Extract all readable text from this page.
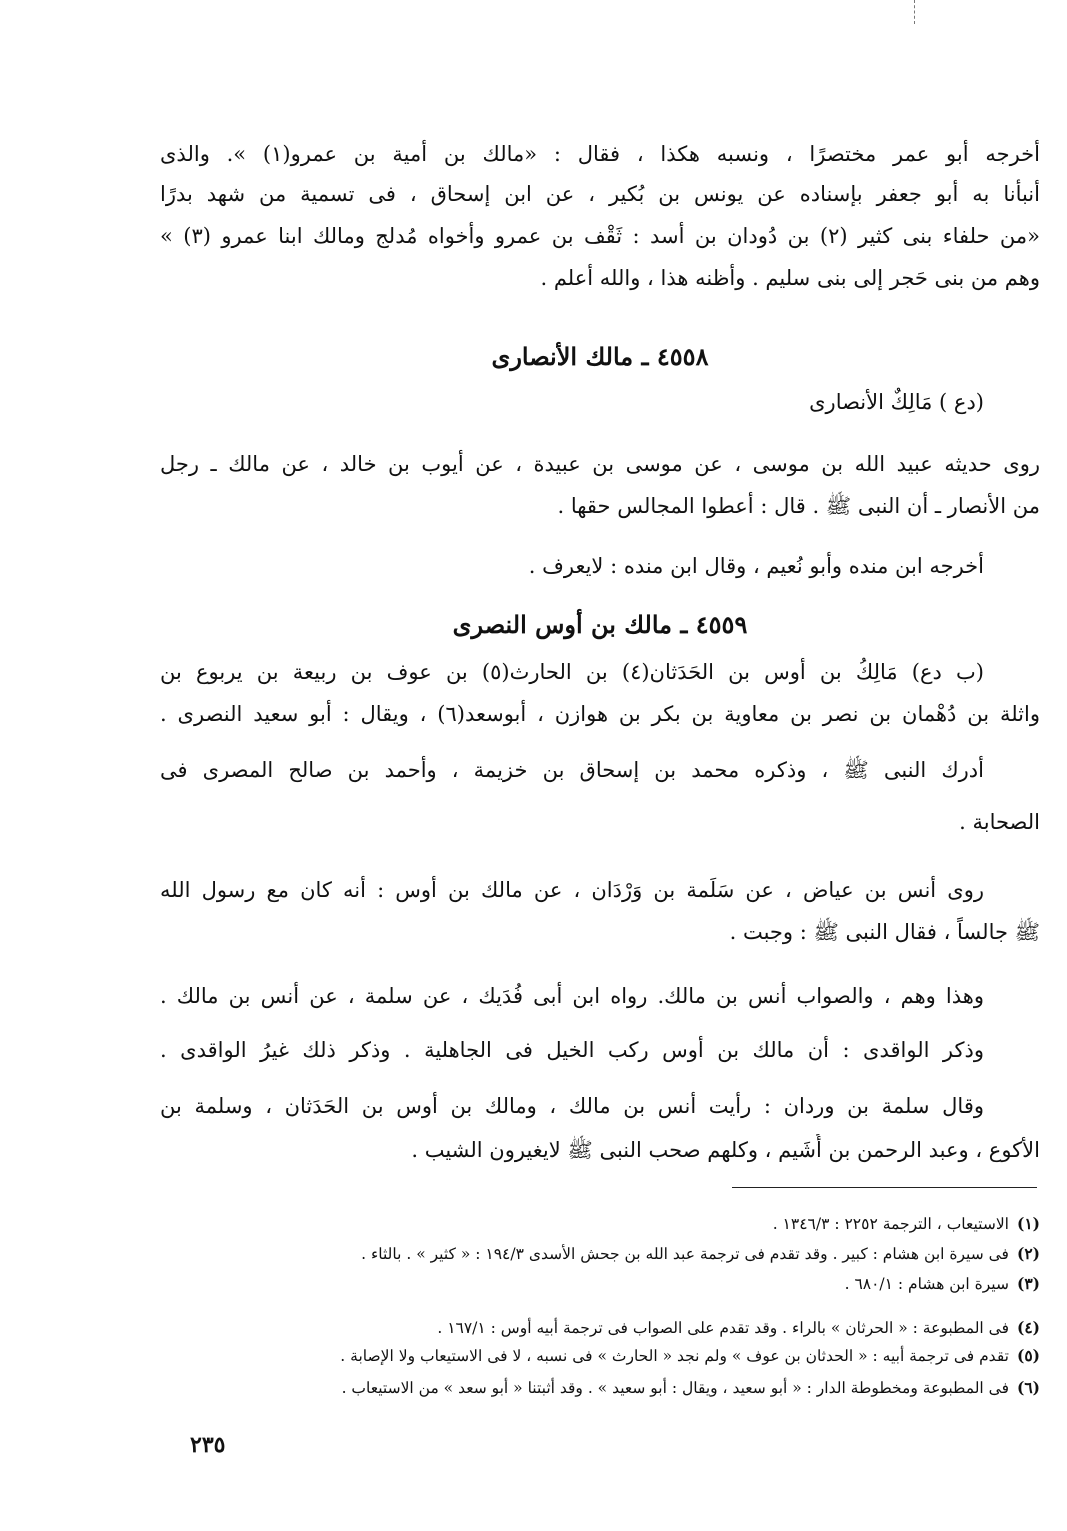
أخرجه أبو عمر مختصرًا ، ونسبه هكذا ، فقال : «مالك بن أمية بن عمرو(١) ». والذى
أنبأنا به أبو جعفر بإسناده عن يونس بن بُكير ، عن ابن إسحاق ، فى تسمية من شهد بدرًا
«من حلفاء بنى كثير (٢) بن دُودان بن أسد : ثَقْف بن عمرو وأخواه مُدلج ومالك ابنا عمرو (٣) »
وهم من بنى حَجر إلى بنى سليم . وأظنه هذا ، والله أعلم .
٤٥٥٨ ـ مالك الأنصارى
(دع ) مَالِكٌ الأنصارى
روى حديثه عبيد الله بن موسى ، عن موسى بن عبيدة ، عن أيوب بن خالد ، عن مالك ـ رجل
من الأنصار ـ أن النبى ﷺ . قال : أعطوا المجالس حقها .
أخرجه ابن منده وأبو نُعيم ، وقال ابن منده : لايعرف .
٤٥٥٩ ـ مالك بن أوس النصرى
(ب دع) مَالِكُ بن أوس بن الحَدَثان(٤) بن الحارث(٥) بن عوف بن ربيعة بن يربوع بن
واثلة بن دُهْمان بن نصر بن معاوية بن بكر بن هوازن ، أبوسعد(٦) ، ويقال : أبو سعيد النصرى .
أدرك النبى ﷺ ، وذكره محمد بن إسحاق بن خزيمة ، وأحمد بن صالح المصرى فى
الصحابة .
روى أنس بن عياض ، عن سَلَمة بن وَرْدَان ، عن مالك بن أوس : أنه كان مع رسول الله
ﷺ جالساً ، فقال النبى ﷺ : وجبت .
وهذا وهم ، والصواب أنس بن مالك. رواه ابن أبى فُدَيك ، عن سلمة ، عن أنس بن مالك .
وذكر الواقدى : أن مالك بن أوس ركب الخيل فى الجاهلية . وذكر ذلك غيرُ الواقدى .
وقال سلمة بن وردان : رأيت أنس بن مالك ، ومالك بن أوس بن الحَدَثان ، وسلمة بن
الأكوع ، وعبد الرحمن بن أُشَيم ، وكلهم صحب النبى ﷺ لايغيرون الشيب .
(١)الاستيعاب ، الترجمة ٢٢٥٢ : ١٣٤٦/٣ .
(٢)فى سيرة ابن هشام : كبير . وقد تقدم فى ترجمة عبد الله بن جحش الأسدى ١٩٤/٣ : « كثير » . بالثاء .
(٣)سيرة ابن هشام : ٦٨٠/١ .
(٤)فى المطبوعة : « الحرثان » بالراء . وقد تقدم على الصواب فى ترجمة أبيه أوس : ١٦٧/١ .
(٥)تقدم فى ترجمة أبيه : « الحدثان بن عوف » ولم نجد « الحارث » فى نسبه ، لا فى الاستيعاب ولا الإصابة .
(٦)فى المطبوعة ومخطوطة الدار : « أبو سعيد ، ويقال : أبو سعيد » . وقد أثبتنا « أبو سعد » من الاستيعاب .
٢٣٥
